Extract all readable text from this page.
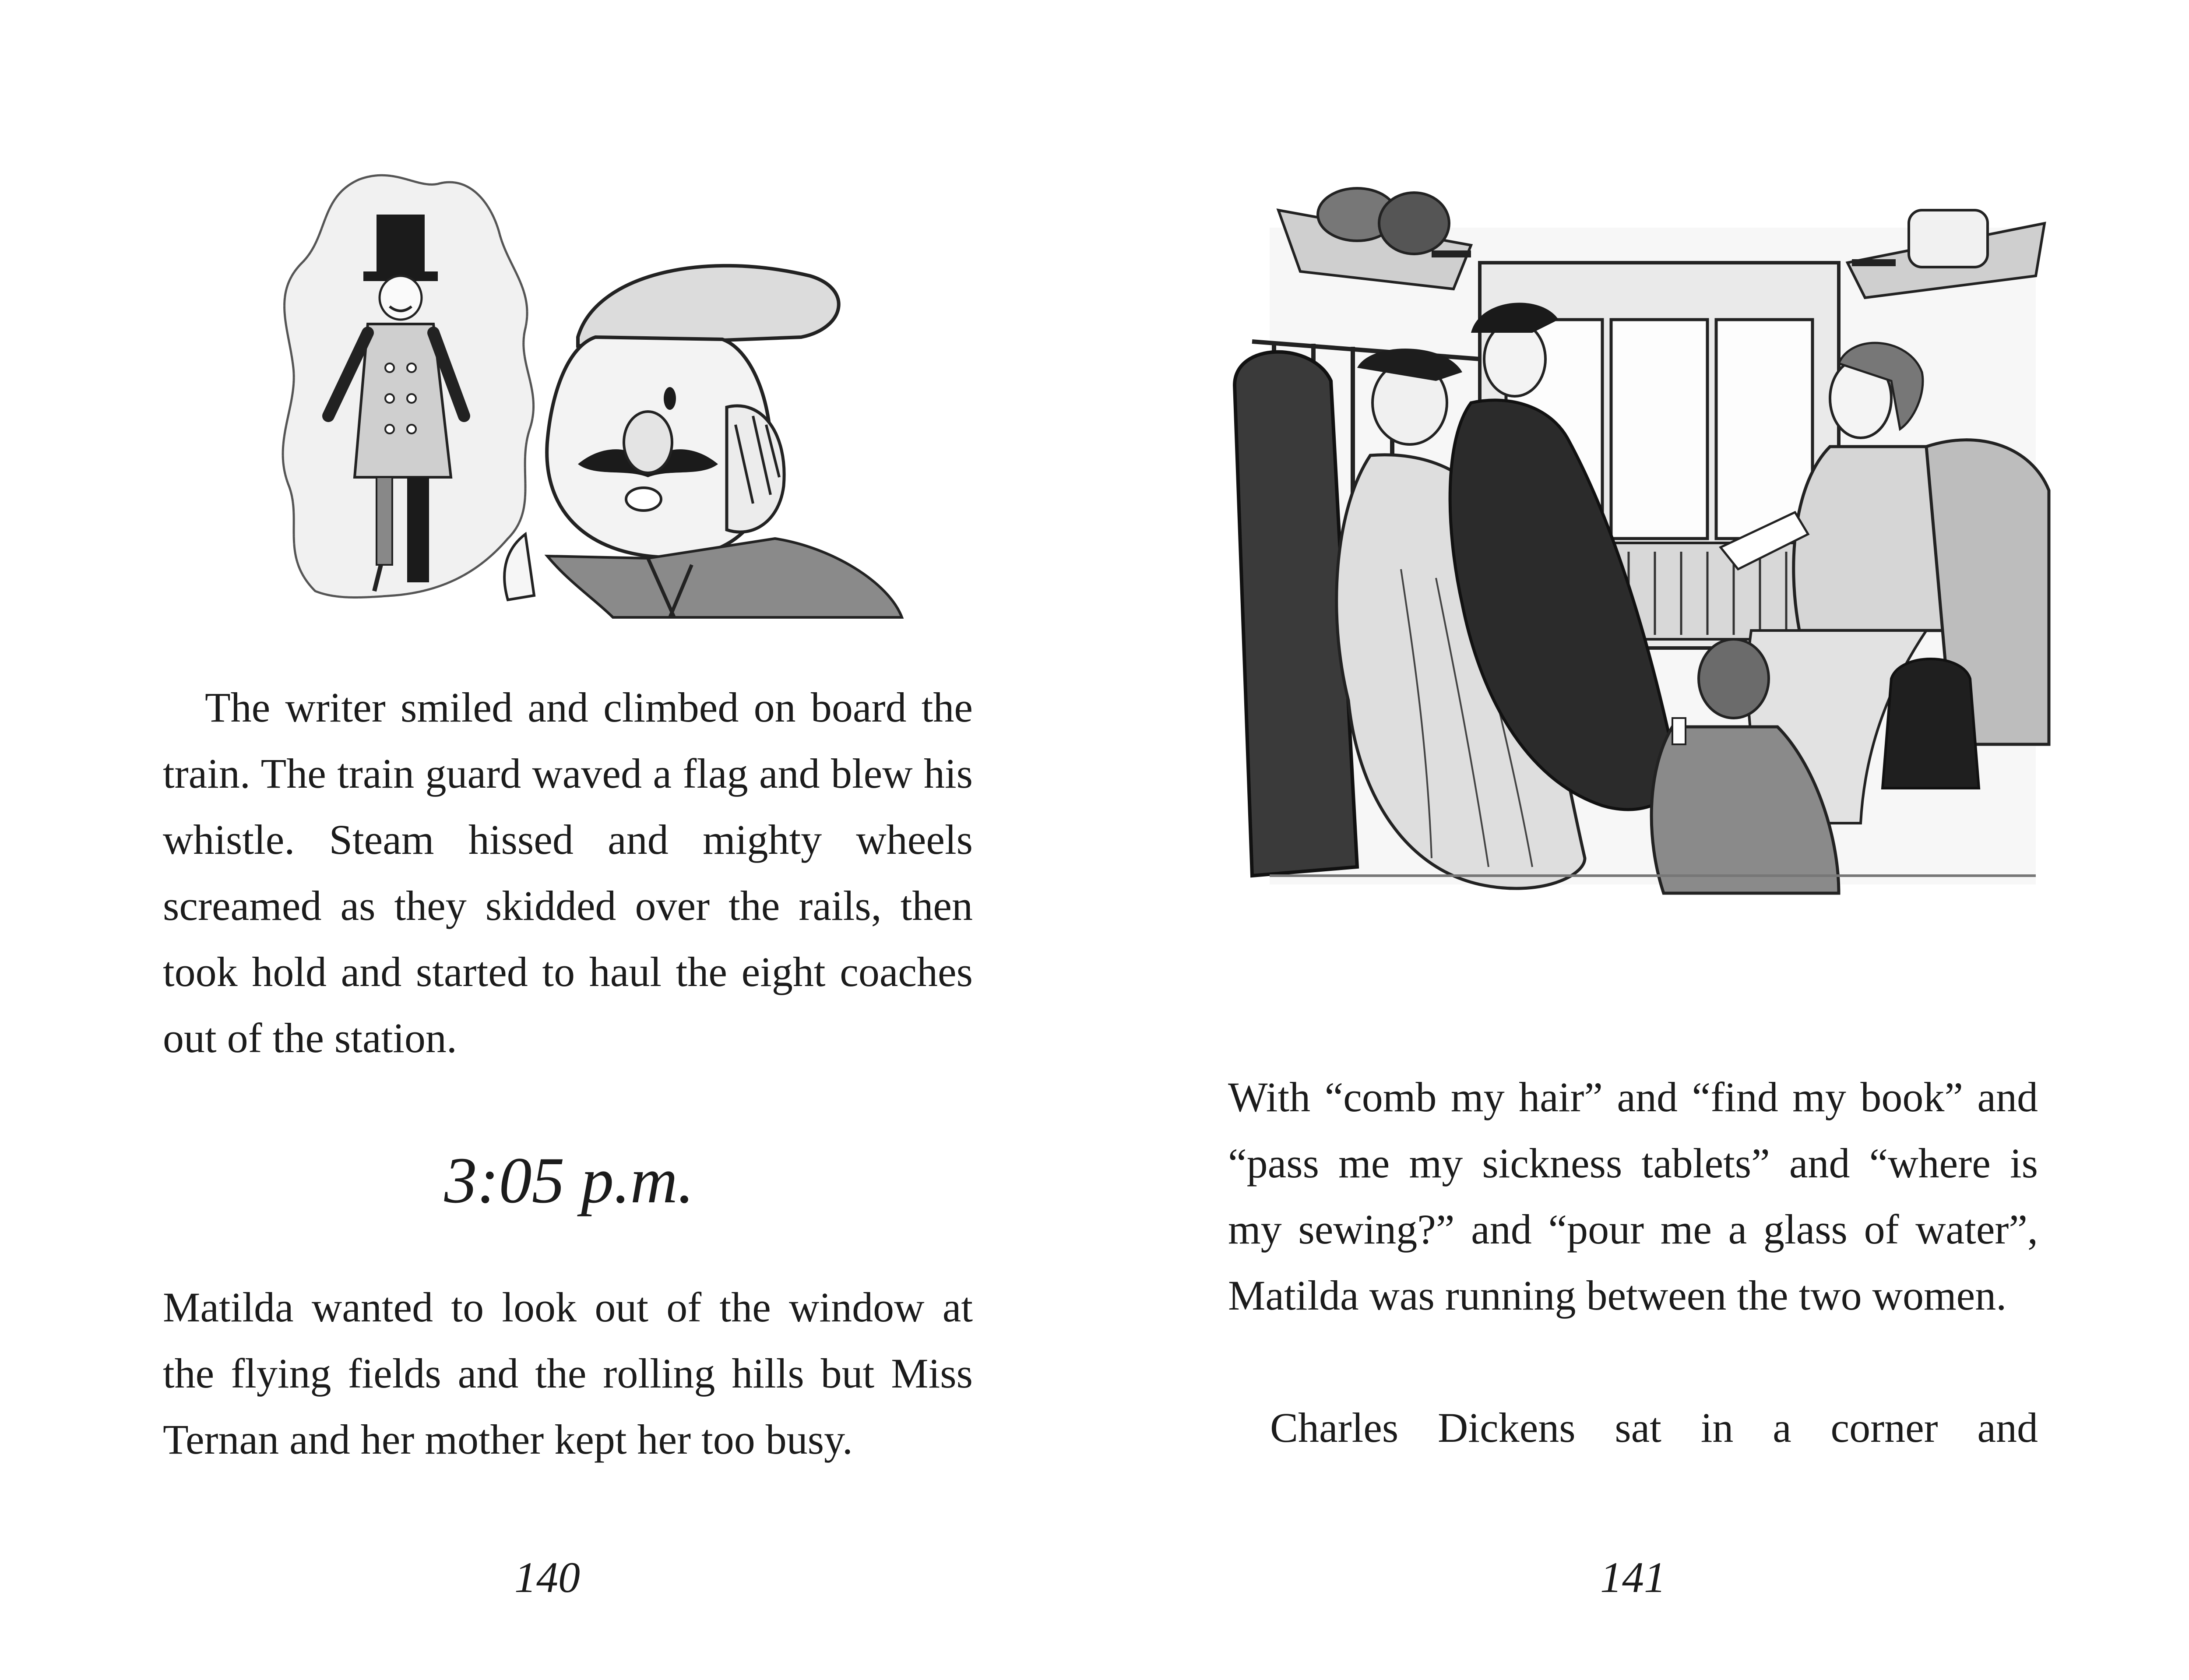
The writer smiled and climbed on board the train. The train guard waved a flag and blew his whistle. Steam hissed and mighty wheels screamed as they skidded over the rails, then took hold and started to haul the eight coaches out of the station.

3:05 p.m.

Matilda wanted to look out of the window at the flying fields and the rolling hills but Miss Ternan and her mother kept her too busy.

140

With “comb my hair” and “find my book” and “pass me my sickness tablets” and “where is my sewing?” and “pour me a glass of water”, Matilda was running between the two women.

Charles Dickens sat in a corner and

141
